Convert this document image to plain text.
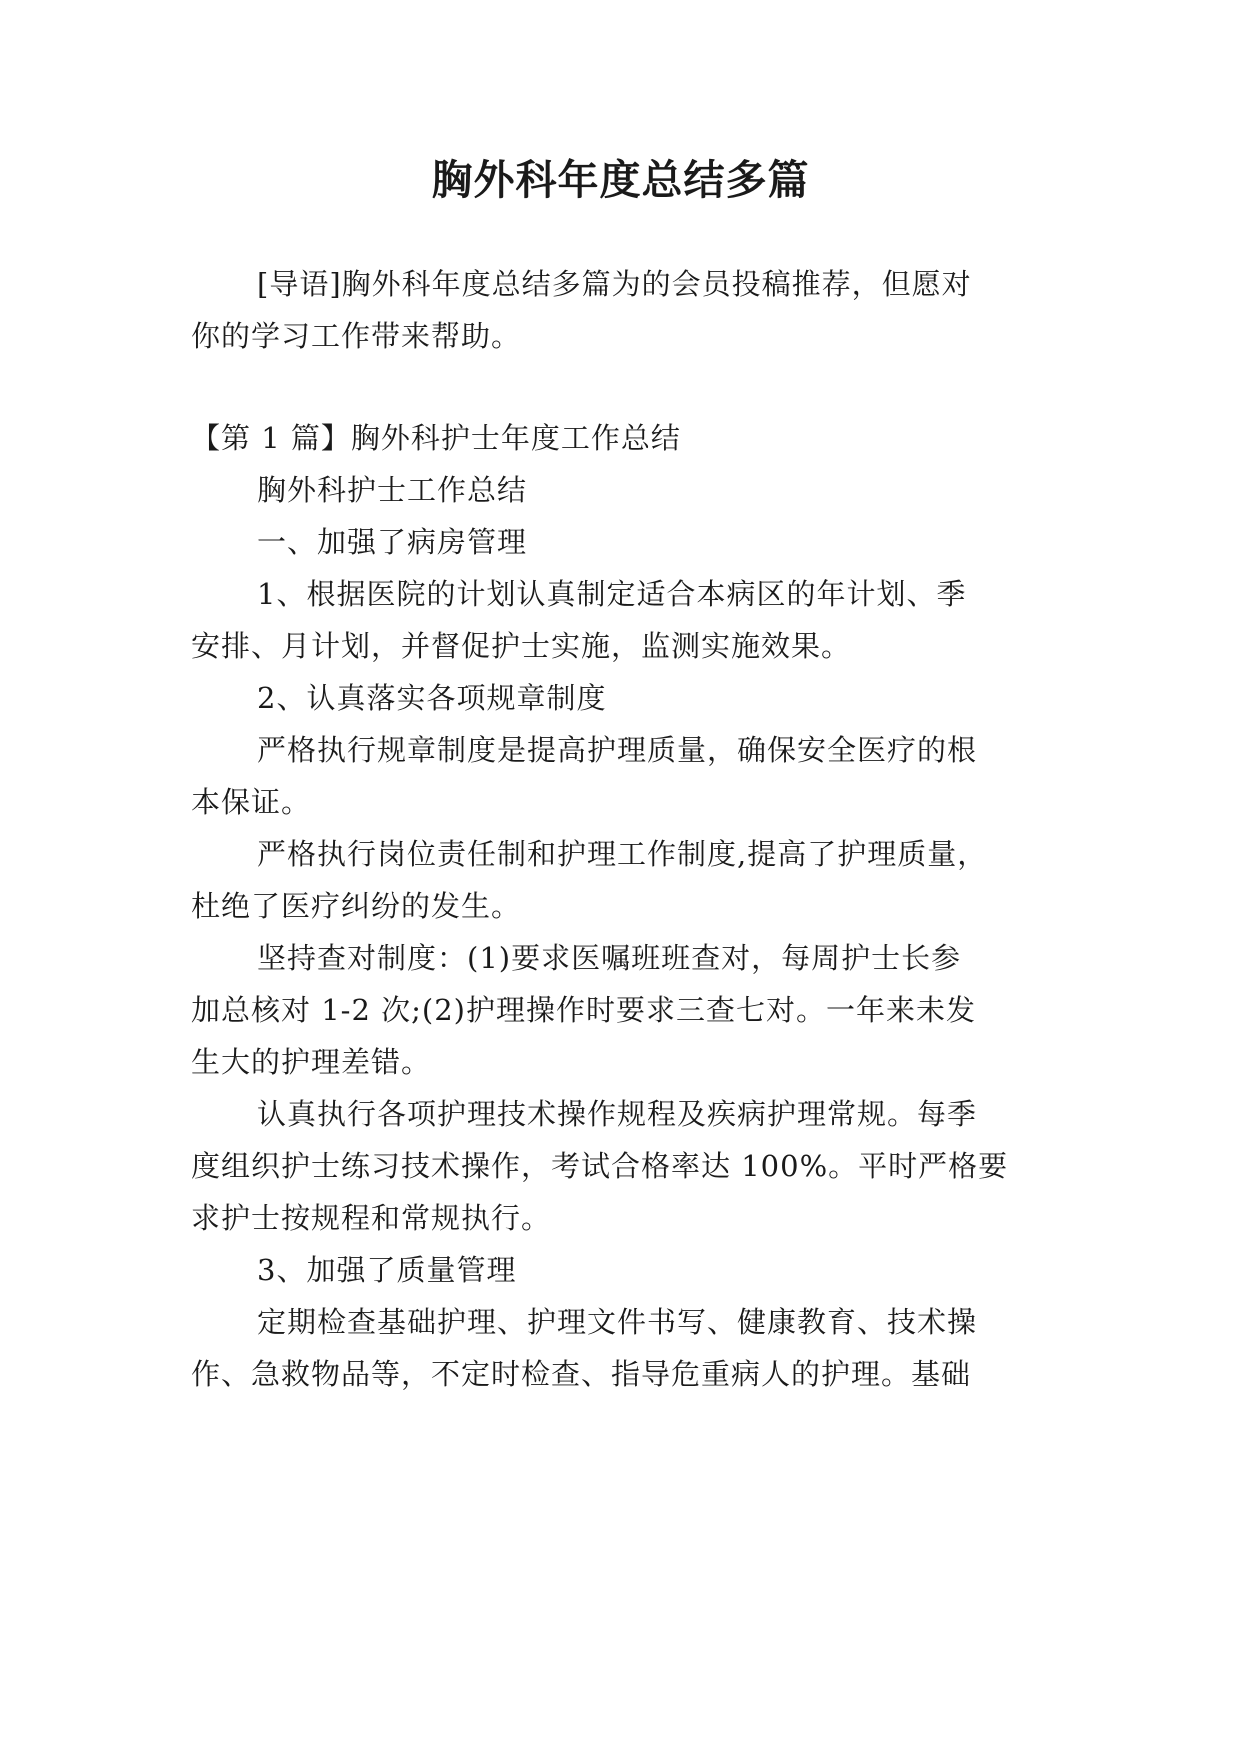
胸外科年度总结多篇
[导语]胸外科年度总结多篇为的会员投稿推荐，但愿对
你的学习工作带来帮助。
【第 1 篇】胸外科护士年度工作总结
胸外科护士工作总结
一、加强了病房管理
1、根据医院的计划认真制定适合本病区的年计划、季
安排、月计划，并督促护士实施，监测实施效果。
2、认真落实各项规章制度
严格执行规章制度是提高护理质量，确保安全医疗的根
本保证。
严格执行岗位责任制和护理工作制度,提高了护理质量，
杜绝了医疗纠纷的发生。
坚持查对制度：(1)要求医嘱班班查对，每周护士长参
加总核对 1-2 次;(2)护理操作时要求三查七对。一年来未发
生大的护理差错。
认真执行各项护理技术操作规程及疾病护理常规。每季
度组织护士练习技术操作，考试合格率达 100%。平时严格要
求护士按规程和常规执行。
3、加强了质量管理
定期检查基础护理、护理文件书写、健康教育、技术操
作、急救物品等，不定时检查、指导危重病人的护理。基础
